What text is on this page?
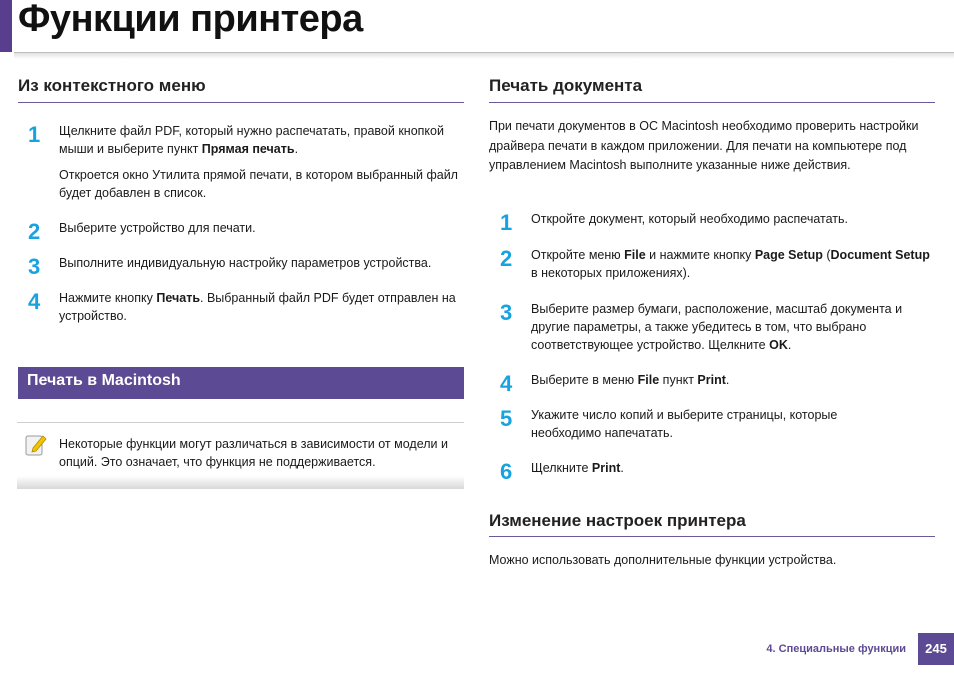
Функции принтера
Из контекстного меню
1	Щелкните файл PDF, который нужно распечатать, правой кнопкой мыши и выберите пункт Прямая печать.

Откроется окно Утилита прямой печати, в котором выбранный файл будет добавлен в список.

2	Выберите устройство для печати.

3	Выполните индивидуальную настройку параметров устройства.

4	Нажмите кнопку Печать. Выбранный файл PDF будет отправлен на устройство.

Печать в Macintosh

Некоторые функции могут различаться в зависимости от модели и опций. Это означает, что функция не поддерживается.

Печать документа

При печати документов в ОС Macintosh необходимо проверить настройки драйвера печати в каждом приложении. Для печати на компьютере под управлением Macintosh выполните указанные ниже действия.

1	Откройте документ, который необходимо распечатать.

2	Откройте меню File и нажмите кнопку Page Setup (Document Setup в некоторых приложениях).

3	Выберите размер бумаги, расположение, масштаб документа и другие параметры, а также убедитесь в том, что выбрано соответствующее устройство. Щелкните OK.

4	Выберите в меню File пункт Print.

5	Укажите число копий и выберите страницы, которые необходимо напечатать.

6	Щелкните Print.

Изменение настроек принтера

Можно использовать дополнительные функции устройства.

4. Специальные функции	245
